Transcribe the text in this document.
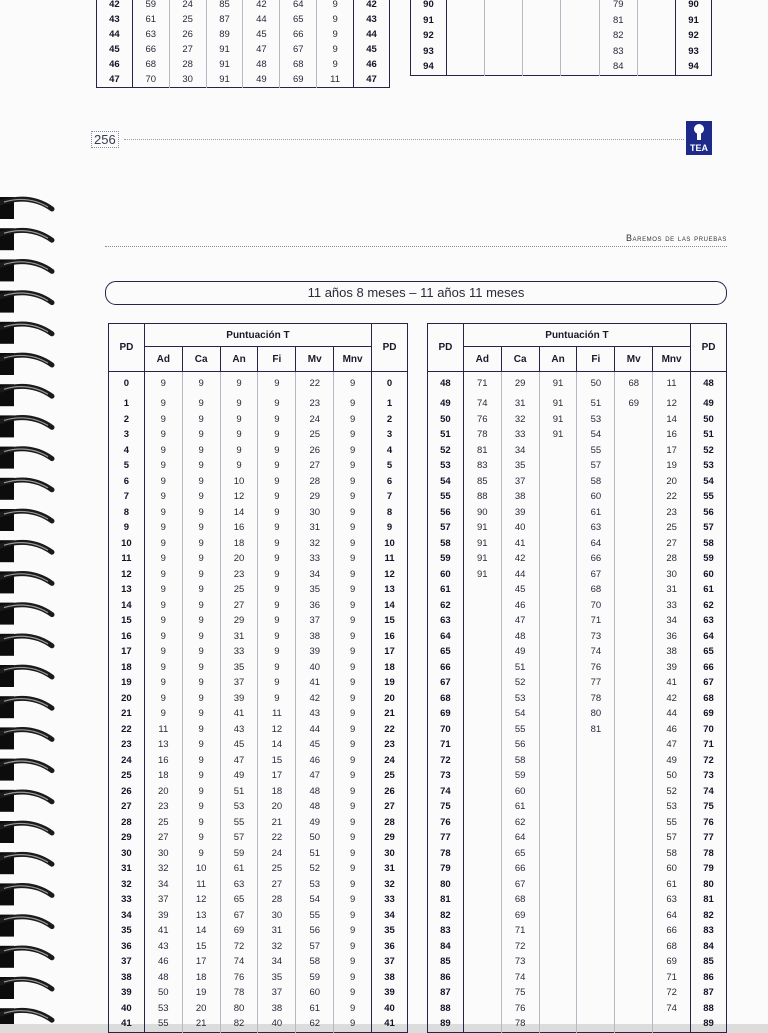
42	59	24	85	42	64	9	42
43	61	25	87	44	65	9	43
44	63	26	89	45	66	9	44
45	66	27	91	47	67	9	45
46	68	28	91	48	68	9	46
47	70	30	91	49	69	11	47
90					79		90
91					81		91
92					82		92
93					83		93
94					84		94
256
TEA
Baremos de las pruebas
11 años 8 meses – 11 años 11 meses
PD	Puntuación T						PD
	Ad	Ca	An	Fi	Mv	Mnv	
0	9	9	9	9	22	9	0
1	9	9	9	9	23	9	1
2	9	9	9	9	24	9	2
3	9	9	9	9	25	9	3
4	9	9	9	9	26	9	4
5	9	9	9	9	27	9	5
6	9	9	10	9	28	9	6
7	9	9	12	9	29	9	7
8	9	9	14	9	30	9	8
9	9	9	16	9	31	9	9
10	9	9	18	9	32	9	10
11	9	9	20	9	33	9	11
12	9	9	23	9	34	9	12
13	9	9	25	9	35	9	13
14	9	9	27	9	36	9	14
15	9	9	29	9	37	9	15
16	9	9	31	9	38	9	16
17	9	9	33	9	39	9	17
18	9	9	35	9	40	9	18
19	9	9	37	9	41	9	19
20	9	9	39	9	42	9	20
21	9	9	41	11	43	9	21
22	11	9	43	12	44	9	22
23	13	9	45	14	45	9	23
24	16	9	47	15	46	9	24
25	18	9	49	17	47	9	25
26	20	9	51	18	48	9	26
27	23	9	53	20	48	9	27
28	25	9	55	21	49	9	28
29	27	9	57	22	50	9	29
30	30	9	59	24	51	9	30
31	32	10	61	25	52	9	31
32	34	11	63	27	53	9	32
33	37	12	65	28	54	9	33
34	39	13	67	30	55	9	34
35	41	14	69	31	56	9	35
36	43	15	72	32	57	9	36
37	46	17	74	34	58	9	37
38	48	18	76	35	59	9	38
39	50	19	78	37	60	9	39
40	53	20	80	38	61	9	40
41	55	21	82	40	62	9	41
PD	Puntuación T						PD
	Ad	Ca	An	Fi	Mv	Mnv	
48	71	29	91	50	68	11	48
49	74	31	91	51	69	12	49
50	76	32	91	53		14	50
51	78	33	91	54		16	51
52	81	34		55		17	52
53	83	35		57		19	53
54	85	37		58		20	54
55	88	38		60		22	55
56	90	39		61		23	56
57	91	40		63		25	57
58	91	41		64		27	58
59	91	42		66		28	59
60	91	44		67		30	60
61		45		68		31	61
62		46		70		33	62
63		47		71		34	63
64		48		73		36	64
65		49		74		38	65
66		51		76		39	66
67		52		77		41	67
68		53		78		42	68
69		54		80		44	69
70		55		81		46	70
71		56				47	71
72		58				49	72
73		59				50	73
74		60				52	74
75		61				53	75
76		62				55	76
77		64				57	77
78		65				58	78
79		66				60	79
80		67				61	80
81		68				63	81
82		69				64	82
83		71				66	83
84		72				68	84
85		73				69	85
86		74				71	86
87		75				72	87
88		76				74	88
89		78					89
